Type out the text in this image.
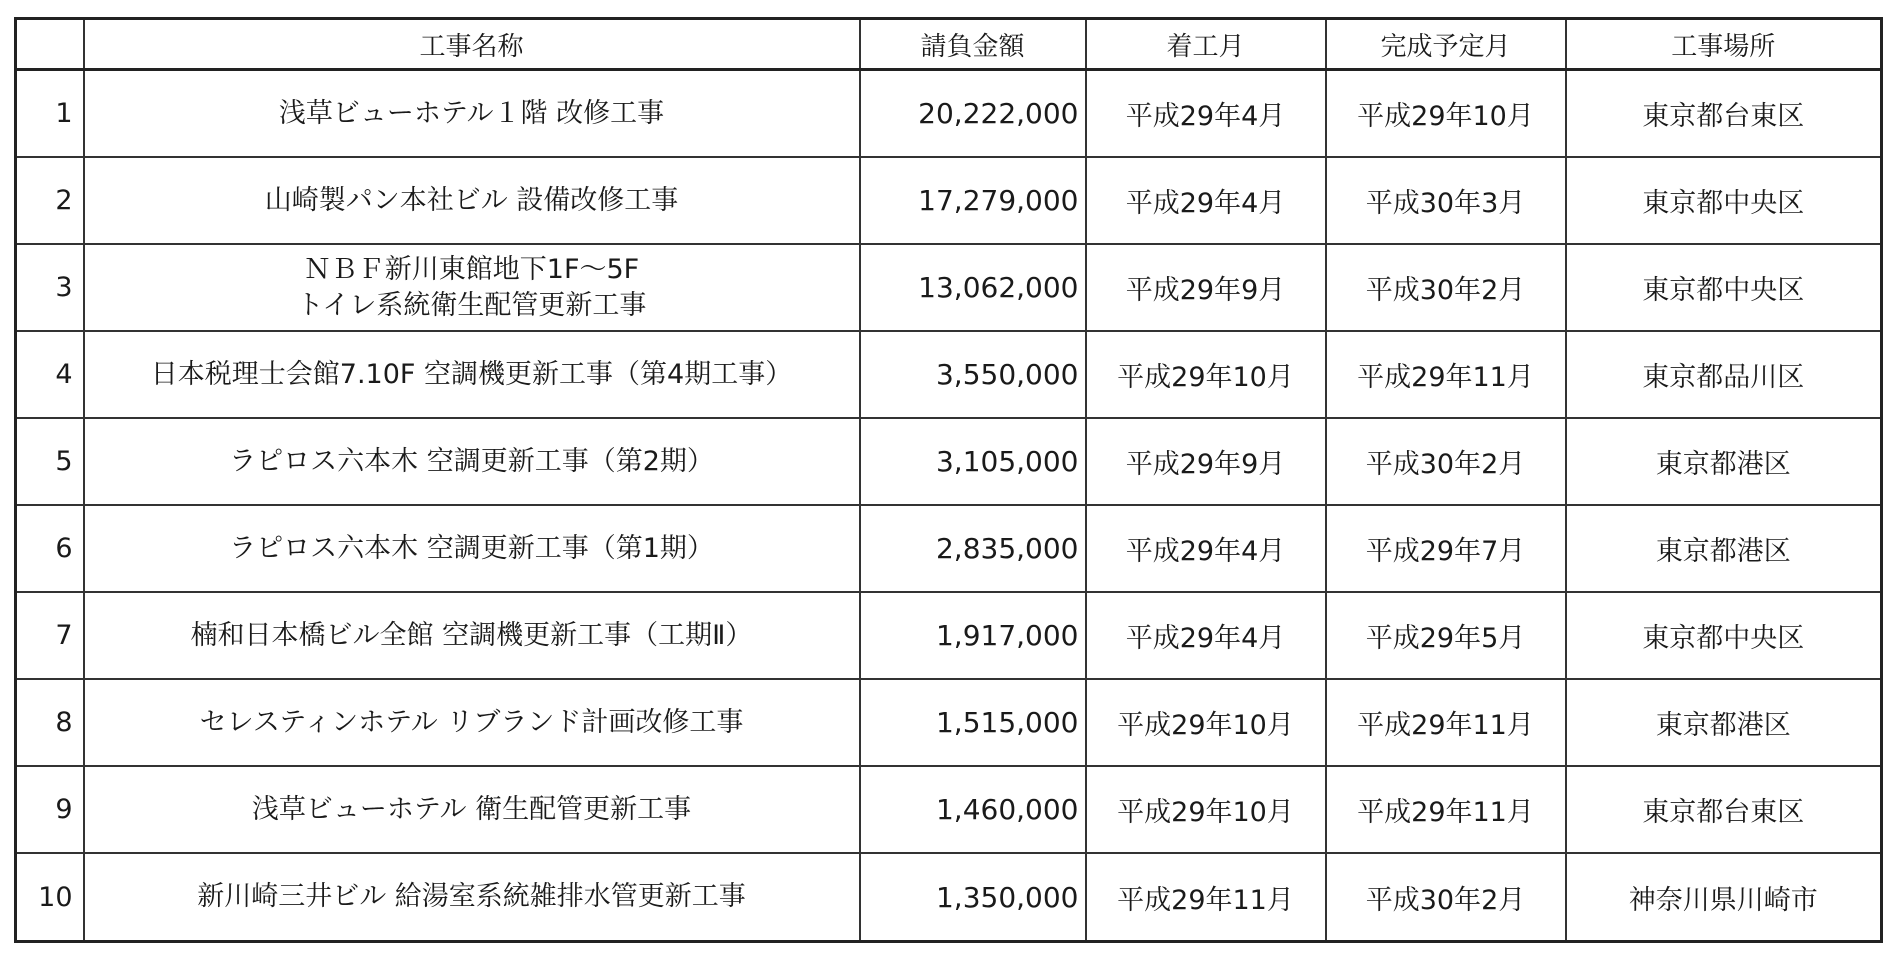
	工事名称	請負金額	着工月	完成予定月	工事場所
1	浅草ビューホテル１階 改修工事	20,222,000	平成29年4月	平成29年10月	東京都台東区
2	山崎製パン本社ビル 設備改修工事	17,279,000	平成29年4月	平成30年3月	東京都中央区
3	ＮＢＦ新川東館地下1F～5F
トイレ系統衛生配管更新工事	13,062,000	平成29年9月	平成30年2月	東京都中央区
4	日本税理士会館7.10F 空調機更新工事（第4期工事）	3,550,000	平成29年10月	平成29年11月	東京都品川区
5	ラピロス六本木 空調更新工事（第2期）	3,105,000	平成29年9月	平成30年2月	東京都港区
6	ラピロス六本木 空調更新工事（第1期）	2,835,000	平成29年4月	平成29年7月	東京都港区
7	楠和日本橋ビル全館 空調機更新工事（工期Ⅱ）	1,917,000	平成29年4月	平成29年5月	東京都中央区
8	セレスティンホテル リブランド計画改修工事	1,515,000	平成29年10月	平成29年11月	東京都港区
9	浅草ビューホテル 衛生配管更新工事	1,460,000	平成29年10月	平成29年11月	東京都台東区
10	新川崎三井ビル 給湯室系統雑排水管更新工事	1,350,000	平成29年11月	平成30年2月	神奈川県川崎市
